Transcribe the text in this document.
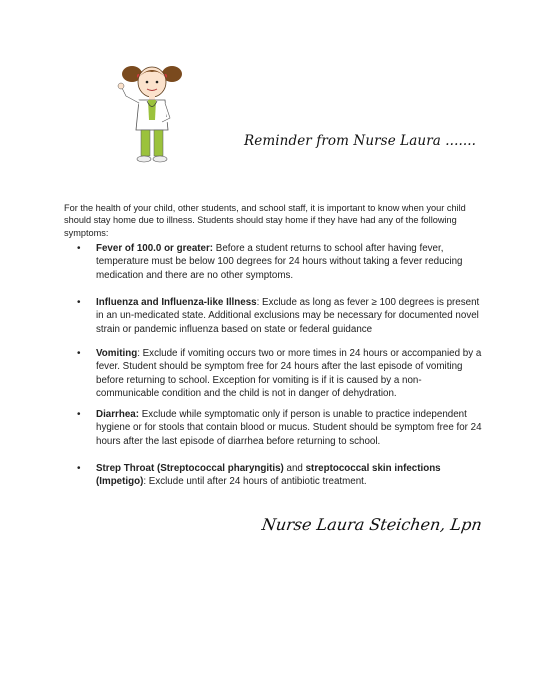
Reminder from Nurse Laura .......

For the health of your child, other students, and school staff, it is important to know when your child should stay home due to illness. Students should stay home if they have had any of the following symptoms:

• Fever of 100.0 or greater: Before a student returns to school after having fever, temperature must be below 100 degrees for 24 hours without taking a fever reducing medication and there are no other symptoms.
• Influenza and Influenza-like Illness: Exclude as long as fever ≥ 100 degrees is present in an un-medicated state. Additional exclusions may be necessary for documented novel strain or pandemic influenza based on state or federal guidance
• Vomiting: Exclude if vomiting occurs two or more times in 24 hours or accompanied by a fever. Student should be symptom free for 24 hours after the last episode of vomiting before returning to school. Exception for vomiting is if it is caused by a non-communicable condition and the child is not in danger of dehydration.
• Diarrhea: Exclude while symptomatic only if person is unable to practice independent hygiene or for stools that contain blood or mucus. Student should be symptom free for 24 hours after the last episode of diarrhea before returning to school.
• Strep Throat (Streptococcal pharyngitis) and streptococcal skin infections (Impetigo): Exclude until after 24 hours of antibiotic treatment.
Nurse Laura Steichen, Lpn
